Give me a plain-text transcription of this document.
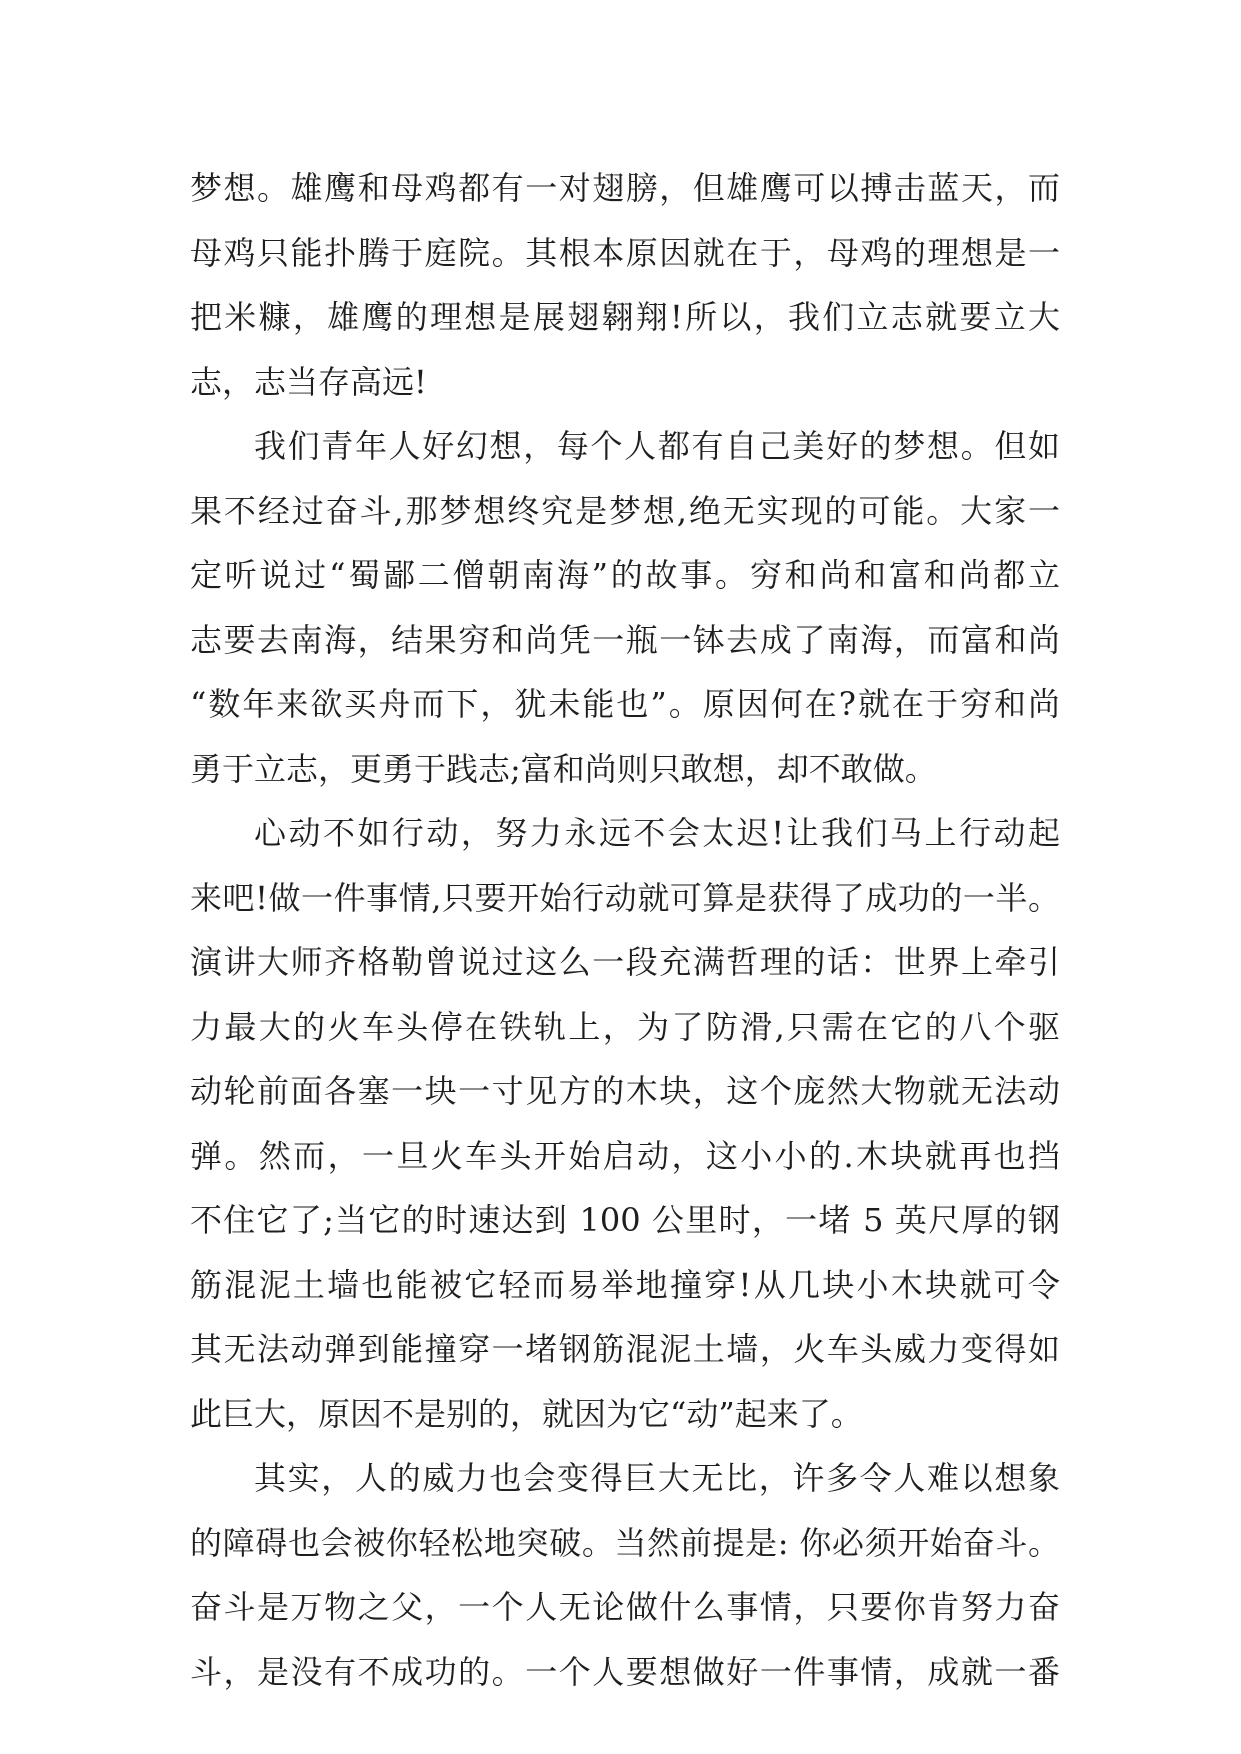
梦想。雄鹰和母鸡都有一对翅膀，但雄鹰可以搏击蓝天，而
母鸡只能扑腾于庭院。其根本原因就在于，母鸡的理想是一
把米糠，雄鹰的理想是展翅翱翔!所以，我们立志就要立大
志，志当存高远!
我们青年人好幻想，每个人都有自己美好的梦想。但如
果不经过奋斗,那梦想终究是梦想,绝无实现的可能。大家一
定听说过“蜀鄙二僧朝南海”的故事。穷和尚和富和尚都立
志要去南海，结果穷和尚凭一瓶一钵去成了南海，而富和尚
“数年来欲买舟而下，犹未能也”。原因何在?就在于穷和尚
勇于立志，更勇于践志;富和尚则只敢想，却不敢做。
心动不如行动，努力永远不会太迟!让我们马上行动起
来吧!做一件事情,只要开始行动就可算是获得了成功的一半。
演讲大师齐格勒曾说过这么一段充满哲理的话：世界上牵引
力最大的火车头停在铁轨上，为了防滑,只需在它的八个驱
动轮前面各塞一块一寸见方的木块，这个庞然大物就无法动
弹。然而，一旦火车头开始启动，这小小的.木块就再也挡
不住它了;当它的时速达到 100 公里时，一堵 5 英尺厚的钢
筋混泥土墙也能被它轻而易举地撞穿!从几块小木块就可令
其无法动弹到能撞穿一堵钢筋混泥土墙，火车头威力变得如
此巨大，原因不是别的，就因为它“动”起来了。
其实，人的威力也会变得巨大无比，许多令人难以想象
的障碍也会被你轻松地突破。当然前提是: 你必须开始奋斗。
奋斗是万物之父，一个人无论做什么事情，只要你肯努力奋
斗，是没有不成功的。一个人要想做好一件事情，成就一番
